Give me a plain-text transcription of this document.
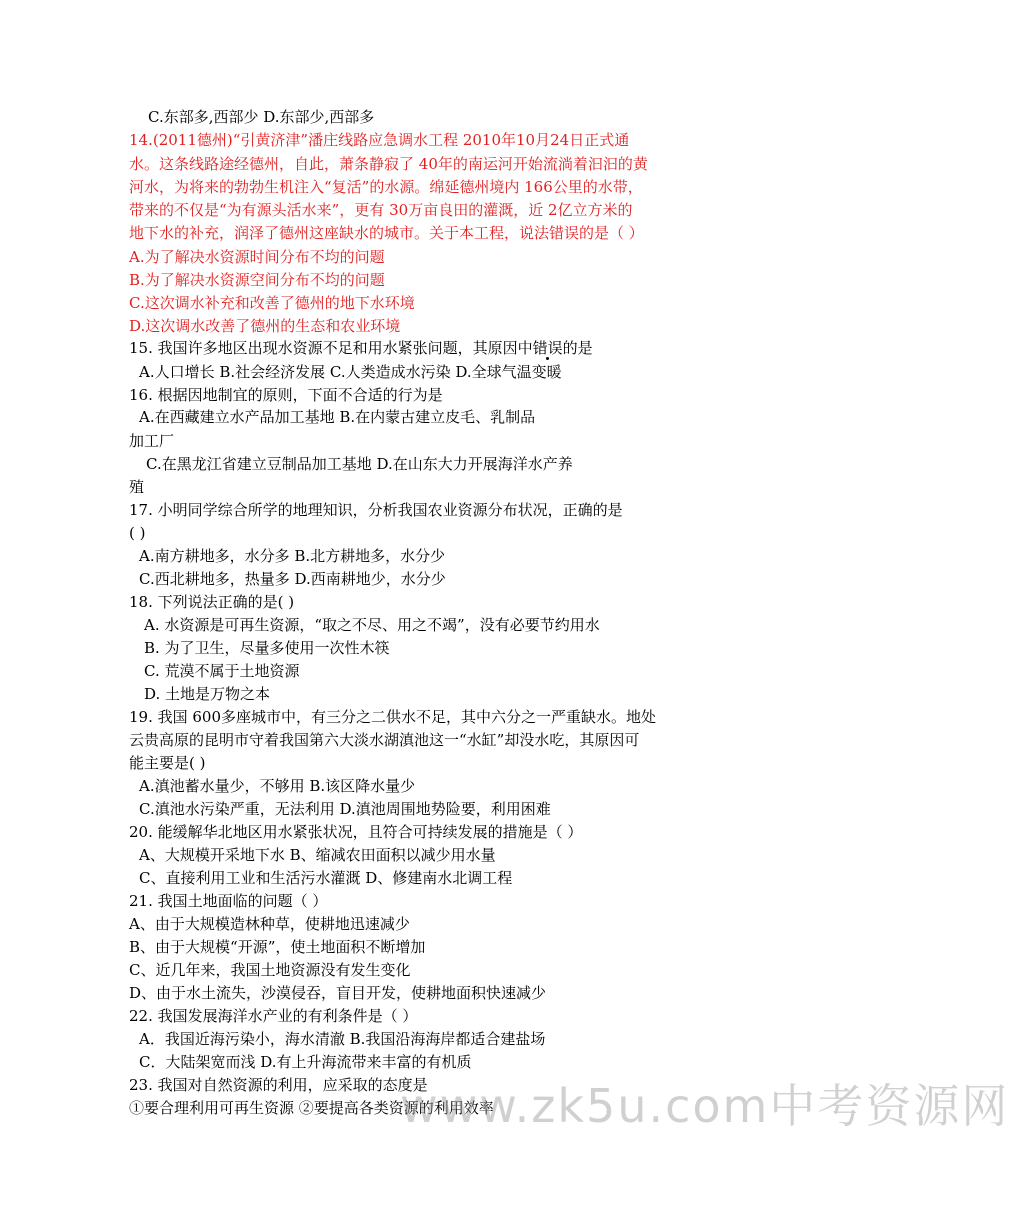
C.东部多,西部少 D.东部少,西部多
14.(2011德州)“引黄济津”潘庄线路应急调水工程 2010年10月24日正式通
水。这条线路途经德州，自此，萧条静寂了 40年的南运河开始流淌着汩汩的黄
河水，为将来的勃勃生机注入“复活”的水源。绵延德州境内 166公里的水带，
带来的不仅是“为有源头活水来”，更有 30万亩良田的灌溉，近 2亿立方米的
地下水的补充，润泽了德州这座缺水的城市。关于本工程，说法错误的是（ ）
A.为了解决水资源时间分布不均的问题
B.为了解决水资源空间分布不均的问题
C.这次调水补充和改善了德州的地下水环境
D.这次调水改善了德州的生态和农业环境
15. 我国许多地区出现水资源不足和用水紧张问题，其原因中错误的是
A.人口增长 B.社会经济发展 C.人类造成水污染 D.全球气温变暖
16. 根据因地制宜的原则，下面不合适的行为是
A.在西藏建立水产品加工基地 B.在内蒙古建立皮毛、乳制品
加工厂
C.在黑龙江省建立豆制品加工基地 D.在山东大力开展海洋水产养
殖
17. 小明同学综合所学的地理知识，分析我国农业资源分布状况，正确的是
( )
A.南方耕地多，水分多 B.北方耕地多，水分少
C.西北耕地多，热量多 D.西南耕地少，水分少
18. 下列说法正确的是( )
A. 水资源是可再生资源，“取之不尽、用之不竭”，没有必要节约用水
B. 为了卫生，尽量多使用一次性木筷
C. 荒漠不属于土地资源
D. 土地是万物之本
19. 我国 600多座城市中，有三分之二供水不足，其中六分之一严重缺水。地处
云贵高原的昆明市守着我国第六大淡水湖滇池这一“水缸”却没水吃，其原因可
能主要是( )
A.滇池蓄水量少，不够用 B.该区降水量少
C.滇池水污染严重，无法利用 D.滇池周围地势险要，利用困难
20. 能缓解华北地区用水紧张状况，且符合可持续发展的措施是（ ）
A、大规模开采地下水 B、缩减农田面积以减少用水量
C、直接利用工业和生活污水灌溉 D、修建南水北调工程
21. 我国土地面临的问题（ ）
A、由于大规模造林种草，使耕地迅速减少
B、由于大规模“开源”，使土地面积不断增加
C、近几年来，我国土地资源没有发生变化
D、由于水土流失，沙漠侵吞，盲目开发，使耕地面积快速减少
22. 我国发展海洋水产业的有利条件是（ ）
A．我国近海污染小，海水清澈 B.我国沿海海岸都适合建盐场
C．大陆架宽而浅 D.有上升海流带来丰富的有机质
23. 我国对自然资源的利用，应采取的态度是
①要合理利用可再生资源 ②要提高各类资源的利用效率
www.zk5u.com中考资源网
